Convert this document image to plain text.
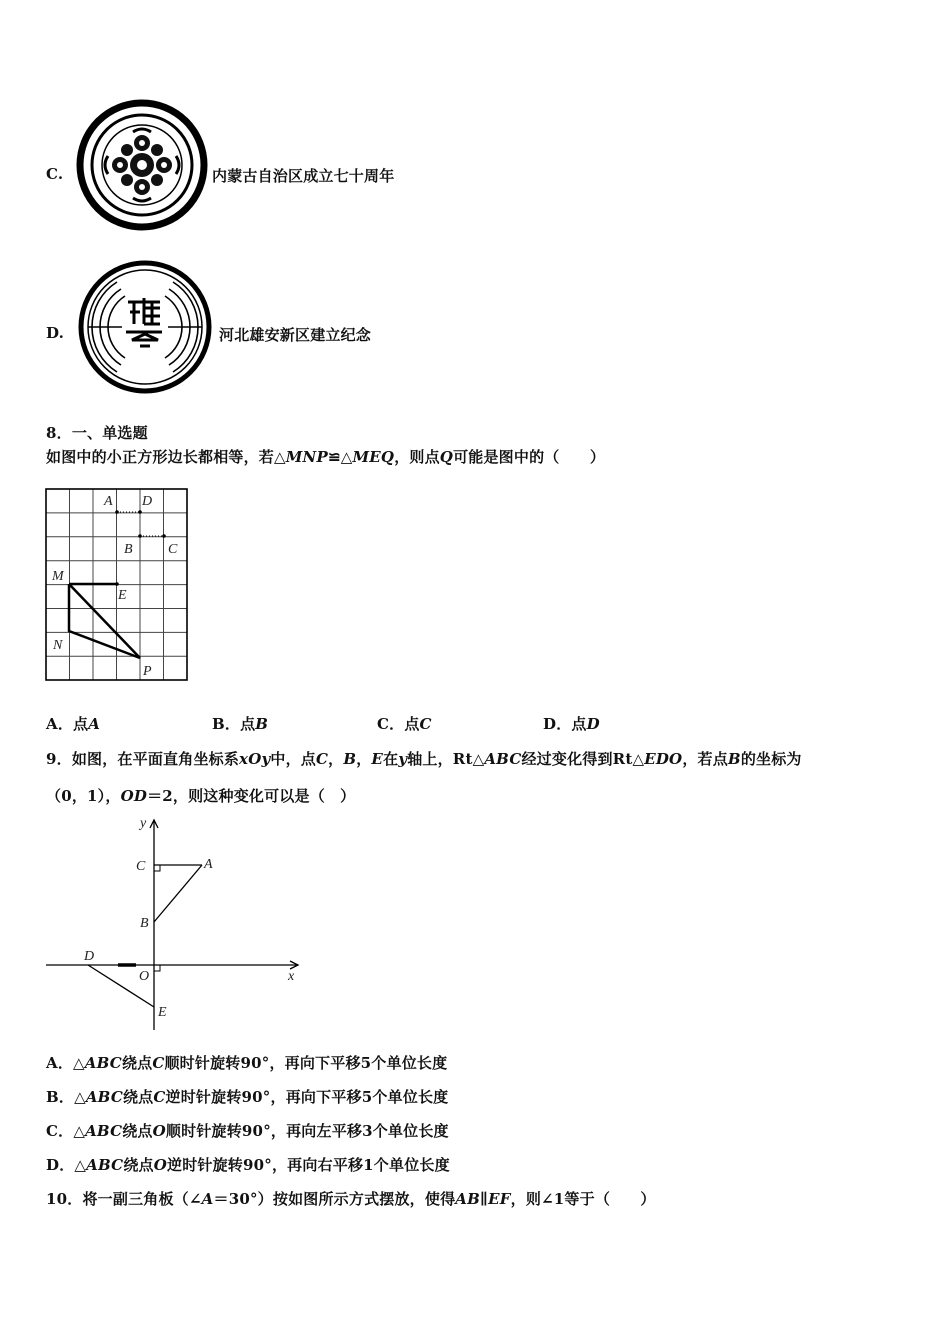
C.	内蒙古自治区成立七十周年
D.	河北雄安新区建立纪念
8．一、单选题
如图中的小正方形边长都相等，若△MNP≌△MEQ，则点Q可能是图中的（　　）
A D
B	C
M
E
N
P
A．点A	B．点B	C．点C	D．点D
9．如图，在平面直角坐标系xOy中，点C，B，E在y轴上，Rt△ABC经过变化得到Rt△EDO，若点B的坐标为
（0，1），OD＝2，则这种变化可以是（　）
y
x
C	A
B
D
O
E
A．△ABC绕点C顺时针旋转90°，再向下平移5个单位长度
B．△ABC绕点C逆时针旋转90°，再向下平移5个单位长度
C．△ABC绕点O顺时针旋转90°，再向左平移3个单位长度
D．△ABC绕点O逆时针旋转90°，再向右平移1个单位长度
10．将一副三角板（∠A＝30°）按如图所示方式摆放，使得AB∥EF，则∠1等于（　　）
